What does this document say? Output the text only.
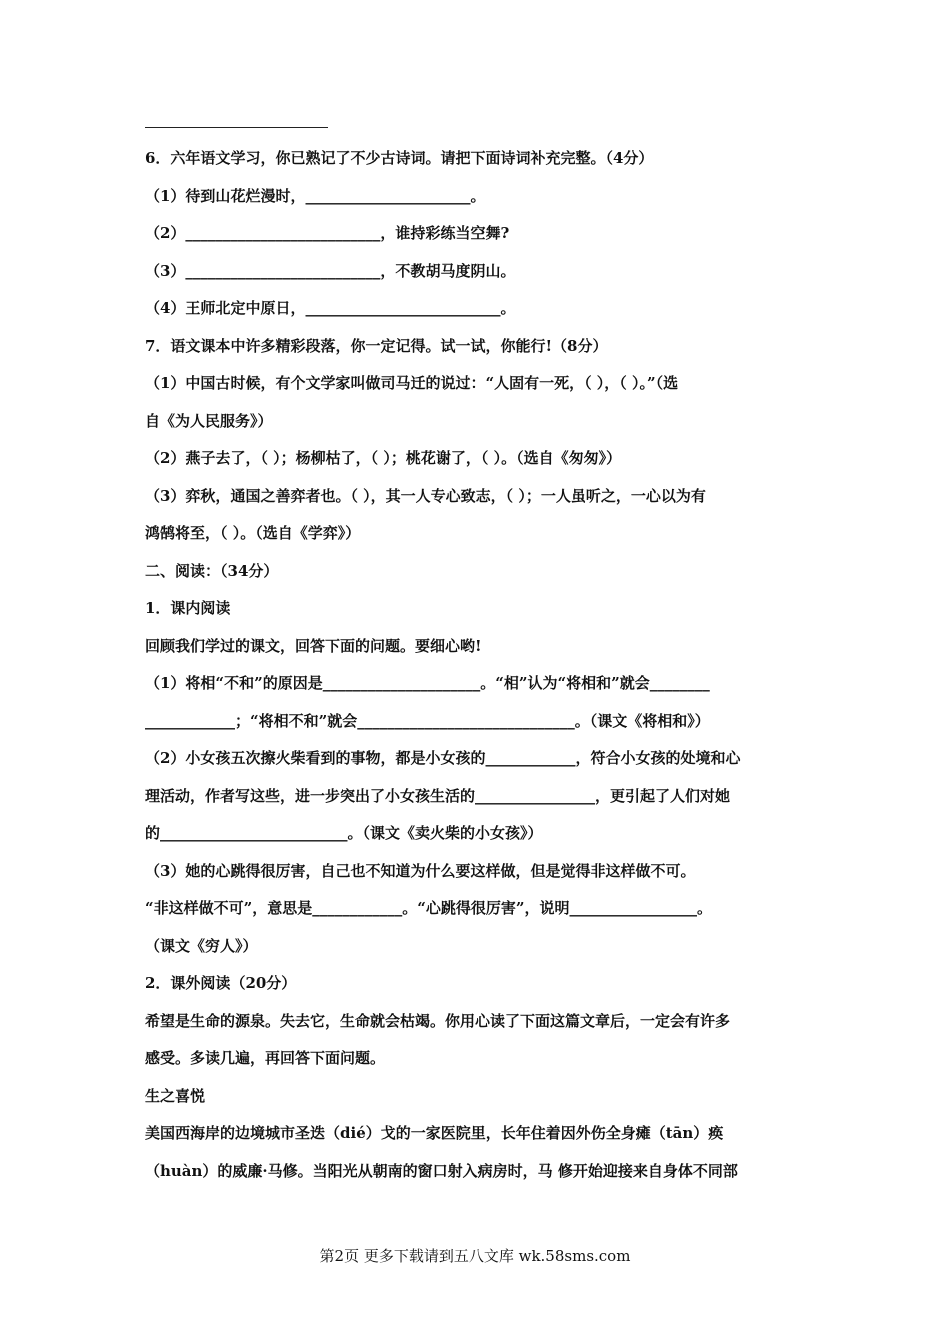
6．六年语文学习，你已熟记了不少古诗词。请把下面诗词补充完整。（4分）
（1）待到山花烂漫时，______________________。
（2）__________________________，谁持彩练当空舞?
（3）__________________________，不教胡马度阴山。
（4）王师北定中原日，__________________________。
7．语文课本中许多精彩段落，你一定记得。试一试，你能行!（8分）
（1）中国古时候，有个文学家叫做司马迁的说过：“人固有一死，（ ），（ ）。”（选
自《为人民服务》）
（2）燕子去了，（ ）；杨柳枯了，（ ）；桃花谢了，（ ）。（选自《匆匆》）
（3）弈秋，通国之善弈者也。（ ），其一人专心致志，（ ）；一人虽听之，一心以为有
鸿鹄将至，（ ）。（选自《学弈》）
二、阅读：（34分）
1．课内阅读
回顾我们学过的课文，回答下面的问题。要细心哟!
（1）将相“不和”的原因是_____________________。“相”认为“将相和”就会________
____________；“将相不和”就会_____________________________。（课文《将相和》）
（2）小女孩五次擦火柴看到的事物，都是小女孩的____________，符合小女孩的处境和心
理活动，作者写这些，进一步突出了小女孩生活的________________，更引起了人们对她
的_________________________。（课文《卖火柴的小女孩》）
（3）她的心跳得很厉害，自己也不知道为什么要这样做，但是觉得非这样做不可。
“非这样做不可”，意思是____________。“心跳得很厉害”，说明_________________。
（课文《穷人》）
2．课外阅读（20分）
希望是生命的源泉。失去它，生命就会枯竭。你用心读了下面这篇文章后，一定会有许多
感受。多读几遍，再回答下面问题。
生之喜悦
美国西海岸的边境城市圣迭（dié）戈的一家医院里，长年住着因外伤全身瘫（tān）痪
（huàn）的威廉·马修。当阳光从朝南的窗口射入病房时，马 修开始迎接来自身体不同部
第2页 更多下载请到五八文库 wk.58sms.com
